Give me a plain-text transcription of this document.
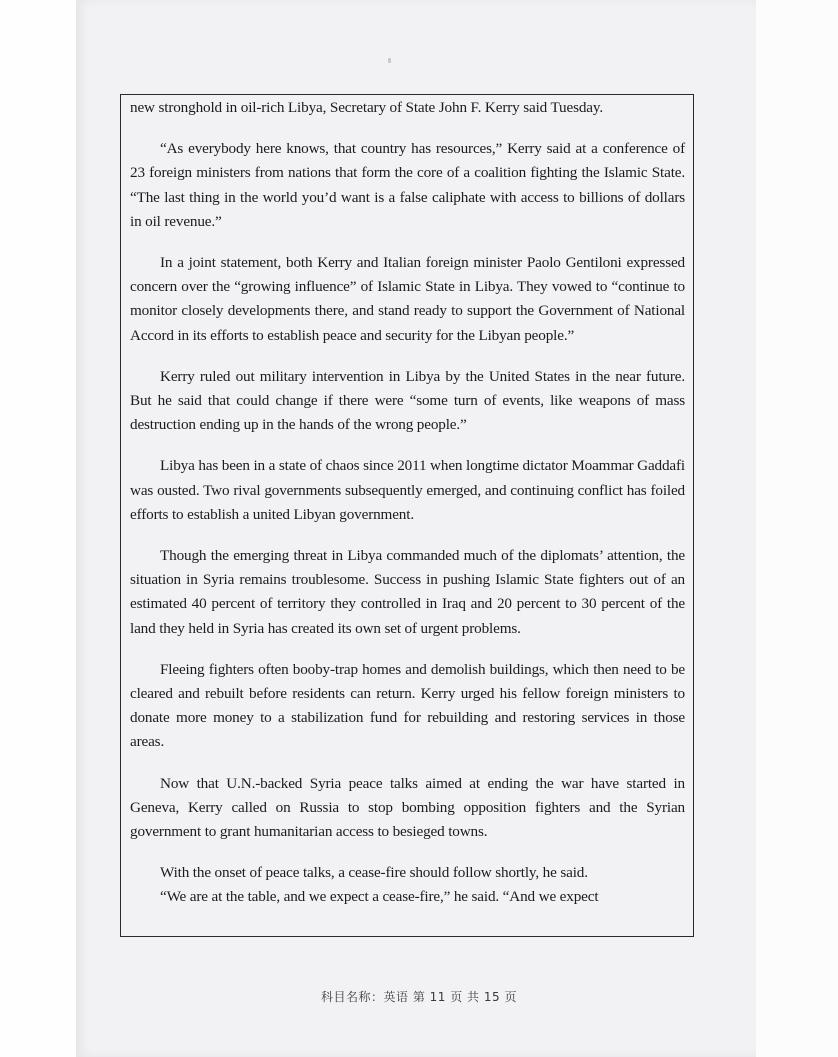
new stronghold in oil-rich Libya, Secretary of State John F. Kerry said Tuesday.

“As everybody here knows, that country has resources,” Kerry said at a conference of 23 foreign ministers from nations that form the core of a coalition fighting the Islamic State. “The last thing in the world you’d want is a false caliphate with access to billions of dollars in oil revenue.”

In a joint statement, both Kerry and Italian foreign minister Paolo Gentiloni expressed concern over the “growing influence” of Islamic State in Libya. They vowed to “continue to monitor closely developments there, and stand ready to support the Government of National Accord in its efforts to establish peace and security for the Libyan people.”

Kerry ruled out military intervention in Libya by the United States in the near future. But he said that could change if there were “some turn of events, like weapons of mass destruction ending up in the hands of the wrong people.”

Libya has been in a state of chaos since 2011 when longtime dictator Moammar Gaddafi was ousted. Two rival governments subsequently emerged, and continuing conflict has foiled efforts to establish a united Libyan government.

Though the emerging threat in Libya commanded much of the diplomats’ attention, the situation in Syria remains troublesome. Success in pushing Islamic State fighters out of an estimated 40 percent of territory they controlled in Iraq and 20 percent to 30 percent of the land they held in Syria has created its own set of urgent problems.

Fleeing fighters often booby-trap homes and demolish buildings, which then need to be cleared and rebuilt before residents can return. Kerry urged his fellow foreign ministers to donate more money to a stabilization fund for rebuilding and restoring services in those areas.

Now that U.N.-backed Syria peace talks aimed at ending the war have started in Geneva, Kerry called on Russia to stop bombing opposition fighters and the Syrian government to grant humanitarian access to besieged towns.

With the onset of peace talks, a cease-fire should follow shortly, he said.

“We are at the table, and we expect a cease-fire,” he said. “And we expect

科目名称：英语 第 11 页 共 15 页
